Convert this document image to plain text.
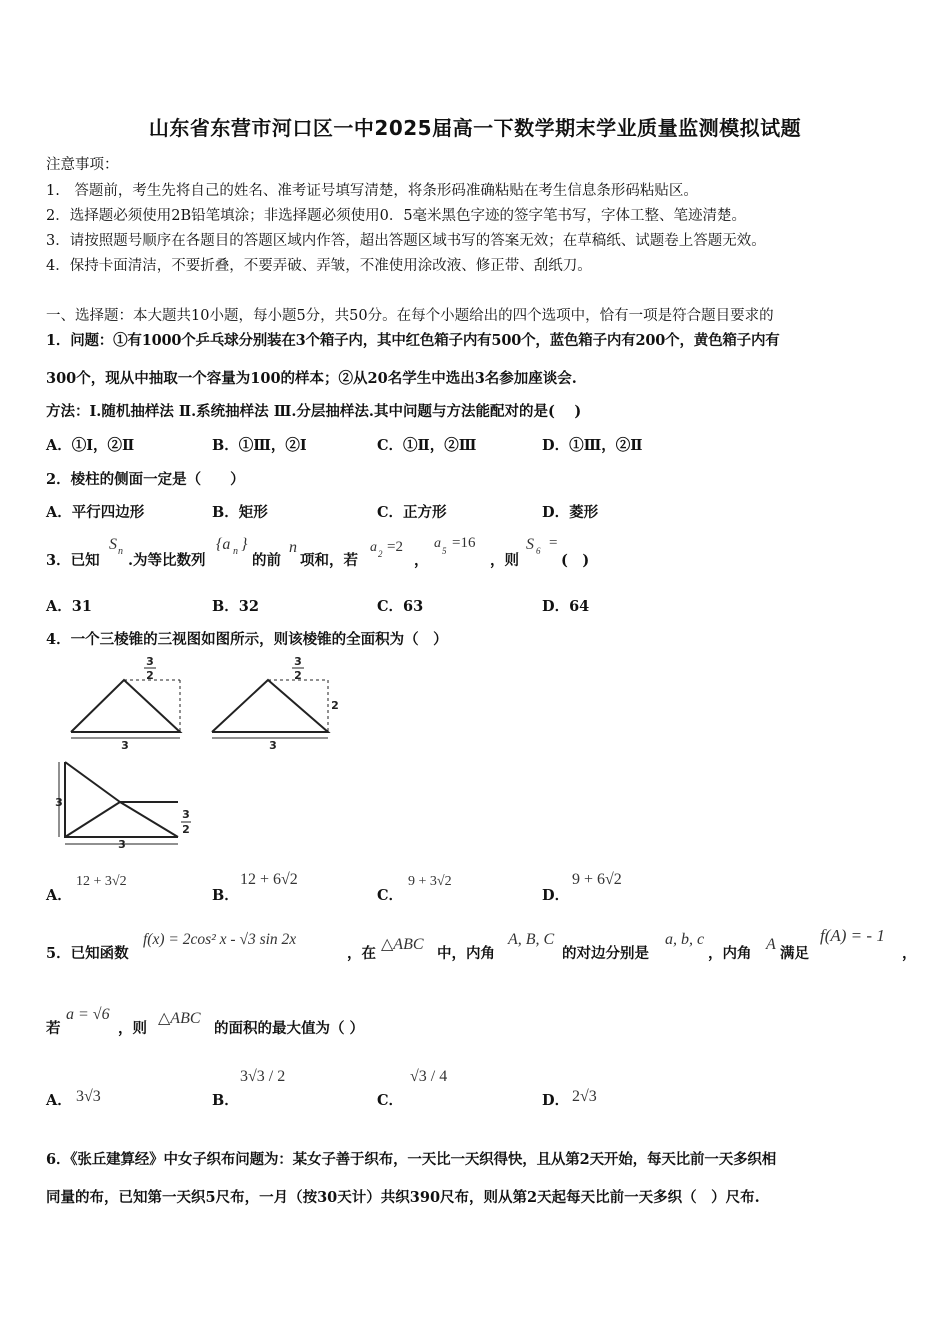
山东省东营市河口区一中2025届高一下数学期末学业质量监测模拟试题
注意事项：
1.　答题前，考生先将自己的姓名、准考证号填写清楚，将条形码准确粘贴在考生信息条形码粘贴区。
2．选择题必须使用2B铅笔填涂；非选择题必须使用0．5毫米黑色字迹的签字笔书写，字体工整、笔迹清楚。
3．请按照题号顺序在各题目的答题区域内作答，超出答题区域书写的答案无效；在草稿纸、试题卷上答题无效。
4．保持卡面清洁，不要折叠，不要弄破、弄皱，不准使用涂改液、修正带、刮纸刀。
一、选择题：本大题共10小题，每小题5分，共50分。在每个小题给出的四个选项中，恰有一项是符合题目要求的
1．问题：①有1000个乒乓球分别装在3个箱子内，其中红色箱子内有500个，蓝色箱子内有200个，黄色箱子内有
300个，现从中抽取一个容量为100的样本；②从20名学生中选出3名参加座谈会.
方法：Ⅰ.随机抽样法 Ⅱ.系统抽样法 Ⅲ.分层抽样法.其中问题与方法能配对的是(　 )
A．①Ⅰ，②Ⅱ	B．①Ⅲ，②Ⅰ	C．①Ⅱ，②Ⅲ	D．①Ⅲ，②Ⅱ
2．棱柱的侧面一定是（　　）
A．平行四边形	B．矩形	C．正方形	D．菱形
3．已知
S n
.为等比数列
{a n }
的前
n
项和，若
a 2 =2
，
a 5 =16
，则
S 6 =
(　)
A．31	B．32	C．63	D．64
4．一个三棱锥的三视图如图所示，则该棱锥的全面积为（　）
3
2
3
3
2
2
3
3
3
2
3
A．
12 + 3√2
B．
12 + 6√2
C．
9 + 3√2
D．
9 + 6√2
5．已知函数
f(x) = 2cos² x - √3 sin 2x
，在
△ABC
中，内角
A, B, C
的对边分别是
a, b, c
，内角
A
满足
f(A) = - 1
，
若
a = √6
，则
△ABC
的面积的最大值为（ ）
A． 3√3	B．
3√3 / 2
C．
√3 / 4
D． 2√3
6．《张丘建算经》中女子织布问题为：某女子善于织布，一天比一天织得快，且从第2天开始，每天比前一天多织相
同量的布，已知第一天织5尺布，一月（按30天计）共织390尺布，则从第2天起每天比前一天多织（　）尺布.
